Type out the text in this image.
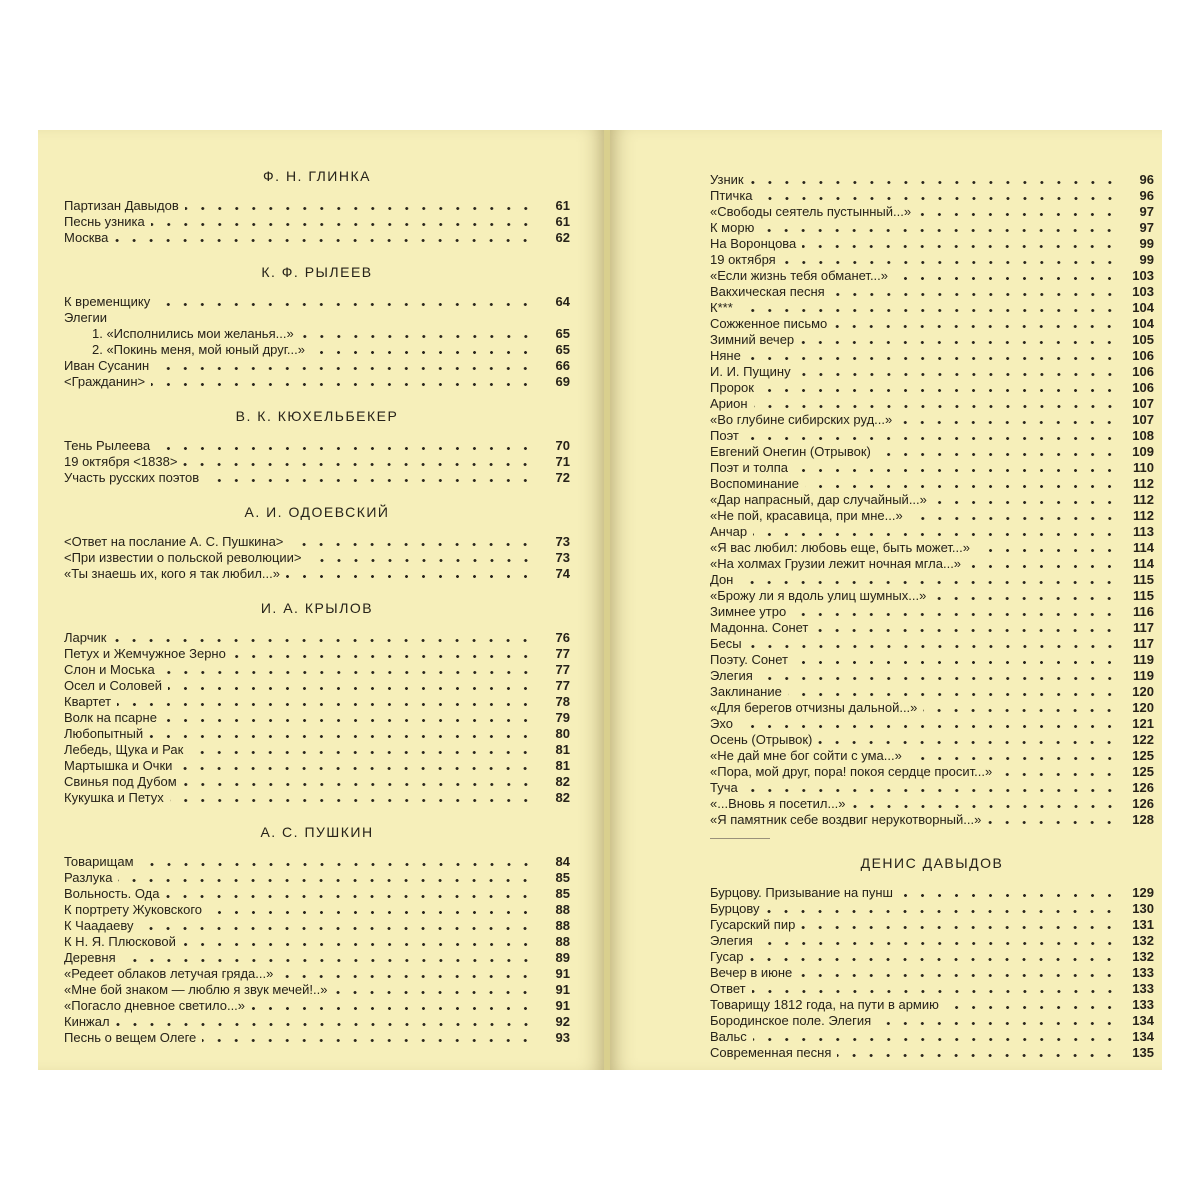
Ф. Н. ГЛИНКА
Партизан Давыдов	61
Песнь узника	61
Москва	62
К. Ф. РЫЛЕЕВ
К временщику	64
Элегии
1. «Исполнились мои желанья...»	65
2. «Покинь меня, мой юный друг...»	65
Иван Сусанин	66
<Гражданин>	69
В. К. КЮХЕЛЬБЕКЕР
Тень Рылеева	70
19 октября <1838>	71
Участь русских поэтов	72
А. И. ОДОЕВСКИЙ
<Ответ на послание А. С. Пушкина>	73
<При известии о польской революции>	73
«Ты знаешь их, кого я так любил...»	74
И. А. КРЫЛОВ
Ларчик	76
Петух и Жемчужное Зерно	77
Слон и Моська	77
Осел и Соловей	77
Квартет	78
Волк на псарне	79
Любопытный	80
Лебедь, Щука и Рак	81
Мартышка и Очки	81
Свинья под Дубом	82
Кукушка и Петух	82
А. С. ПУШКИН
Товарищам	84
Разлука	85
Вольность. Ода	85
К портрету Жуковского	88
К Чаадаеву	88
К Н. Я. Плюсковой	88
Деревня	89
«Редеет облаков летучая гряда...»	91
«Мне бой знаком — люблю я звук мечей!..»	91
«Погасло дневное светило...»	91
Кинжал	92
Песнь о вещем Олеге	93
Узник	96
Птичка	96
«Свободы сеятель пустынный...»	97
К морю	97
На Воронцова	99
19 октября	99
«Если жизнь тебя обманет...»	103
Вакхическая песня	103
К***	104
Сожженное письмо	104
Зимний вечер	105
Няне	106
И. И. Пущину	106
Пророк	106
Арион	107
«Во глубине сибирских руд...»	107
Поэт	108
Евгений Онегин (Отрывок)	109
Поэт и толпа	110
Воспоминание	112
«Дар напрасный, дар случайный...»	112
«Не пой, красавица, при мне...»	112
Анчар	113
«Я вас любил: любовь еще, быть может...»	114
«На холмах Грузии лежит ночная мгла...»	114
Дон	115
«Брожу ли я вдоль улиц шумных...»	115
Зимнее утро	116
Мадонна. Сонет	117
Бесы	117
Поэту. Сонет	119
Элегия	119
Заклинание	120
«Для берегов отчизны дальной...»	120
Эхо	121
Осень (Отрывок)	122
«Не дай мне бог сойти с ума...»	125
«Пора, мой друг, пора! покоя сердце просит...»	125
Туча	126
«...Вновь я посетил...»	126
«Я памятник себе воздвиг нерукотворный...»	128
ДЕНИС ДАВЫДОВ
Бурцову. Призывание на пунш	129
Бурцову	130
Гусарский пир	131
Элегия	132
Гусар	132
Вечер в июне	133
Ответ	133
Товарищу 1812 года, на пути в армию	133
Бородинское поле. Элегия	134
Вальс	134
Современная песня	135
